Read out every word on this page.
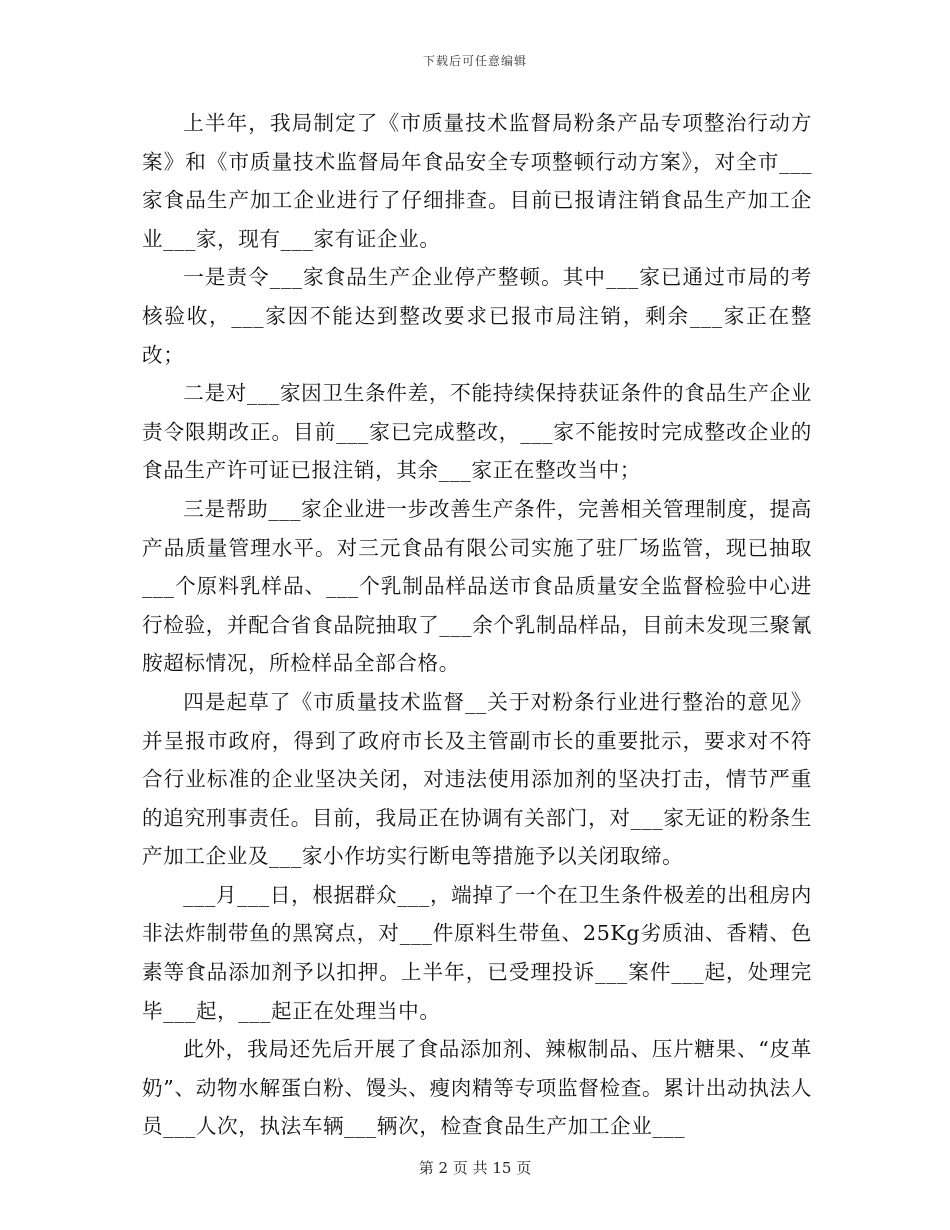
下载后可任意编辑

上半年，我局制定了《市质量技术监督局粉条产品专项整治行动方案》和《市质量技术监督局年食品安全专项整顿行动方案》，对全市___家食品生产加工企业进行了仔细排查。目前已报请注销食品生产加工企业___家，现有___家有证企业。

一是责令___家食品生产企业停产整顿。其中___家已通过市局的考核验收，___家因不能达到整改要求已报市局注销，剩余___家正在整改；

二是对___家因卫生条件差，不能持续保持获证条件的食品生产企业责令限期改正。目前___家已完成整改，___家不能按时完成整改企业的食品生产许可证已报注销，其余___家正在整改当中；

三是帮助___家企业进一步改善生产条件，完善相关管理制度，提高产品质量管理水平。对三元食品有限公司实施了驻厂场监管，现已抽取___个原料乳样品、___个乳制品样品送市食品质量安全监督检验中心进行检验，并配合省食品院抽取了___余个乳制品样品，目前未发现三聚氰胺超标情况，所检样品全部合格。

四是起草了《市质量技术监督__关于对粉条行业进行整治的意见》并呈报市政府，得到了政府市长及主管副市长的重要批示，要求对不符合行业标准的企业坚决关闭，对违法使用添加剂的坚决打击，情节严重的追究刑事责任。目前，我局正在协调有关部门，对___家无证的粉条生产加工企业及___家小作坊实行断电等措施予以关闭取缔。

___月___日，根据群众___，端掉了一个在卫生条件极差的出租房内非法炸制带鱼的黑窝点，对___件原料生带鱼、25Kg劣质油、香精、色素等食品添加剂予以扣押。上半年，已受理投诉___案件___起，处理完毕___起，___起正在处理当中。

此外，我局还先后开展了食品添加剂、辣椒制品、压片糖果、“皮革奶”、动物水解蛋白粉、馒头、瘦肉精等专项监督检查。累计出动执法人员___人次，执法车辆___辆次，检查食品生产加工企业___

第 2 页 共 15 页
